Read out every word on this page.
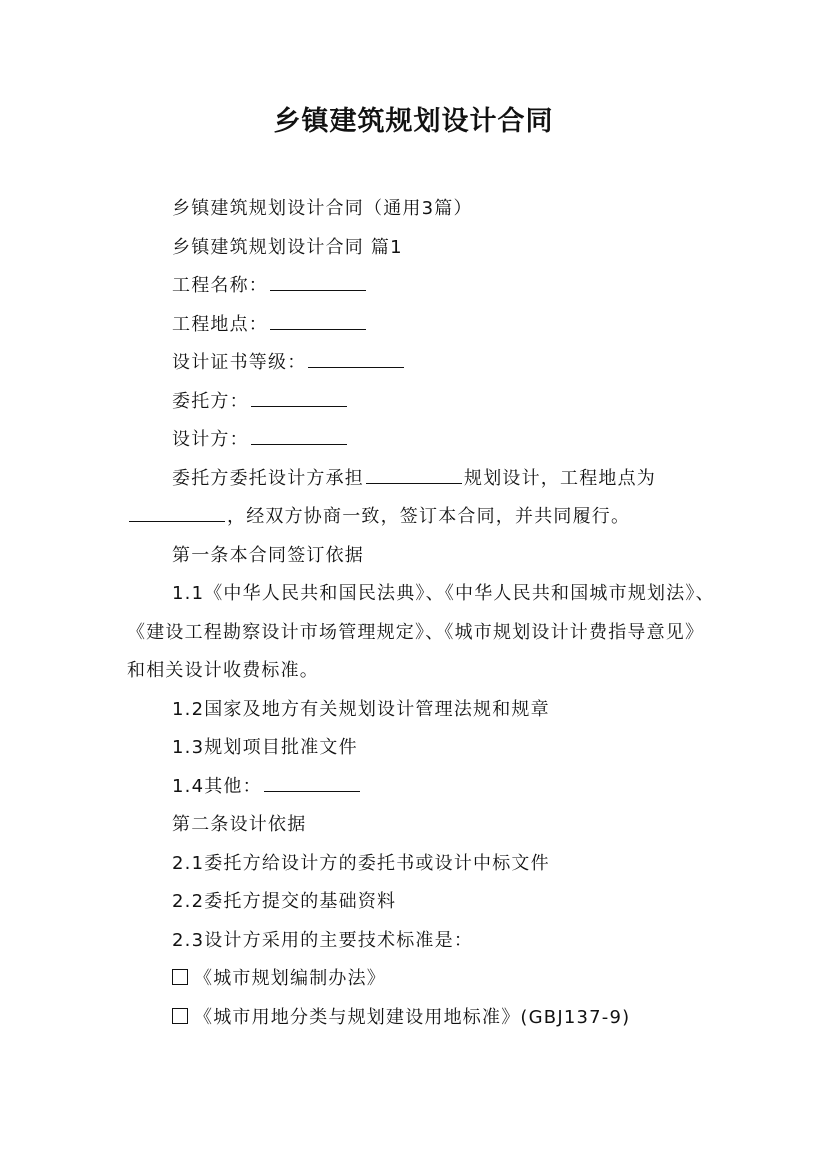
乡镇建筑规划设计合同

乡镇建筑规划设计合同（通用3篇）

乡镇建筑规划设计合同 篇1

工程名称：

工程地点：

设计证书等级：

委托方：

设计方：

委托方委托设计方承担	规划设计，工程地点为，经双方协商一致，签订本合同，并共同履行。

第一条本合同签订依据

1.1《中华人民共和国民法典》、《中华人民共和国城市规划法》、《建设工程勘察设计市场管理规定》、《城市规划设计计费指导意见》和相关设计收费标准。

1.2国家及地方有关规划设计管理法规和规章

1.3规划项目批准文件

1.4其他：

第二条设计依据

2.1委托方给设计方的委托书或设计中标文件

2.2委托方提交的基础资料

2.3设计方采用的主要技术标准是：

《城市规划编制办法》

《城市用地分类与规划建设用地标准》(GBJ137-9)
